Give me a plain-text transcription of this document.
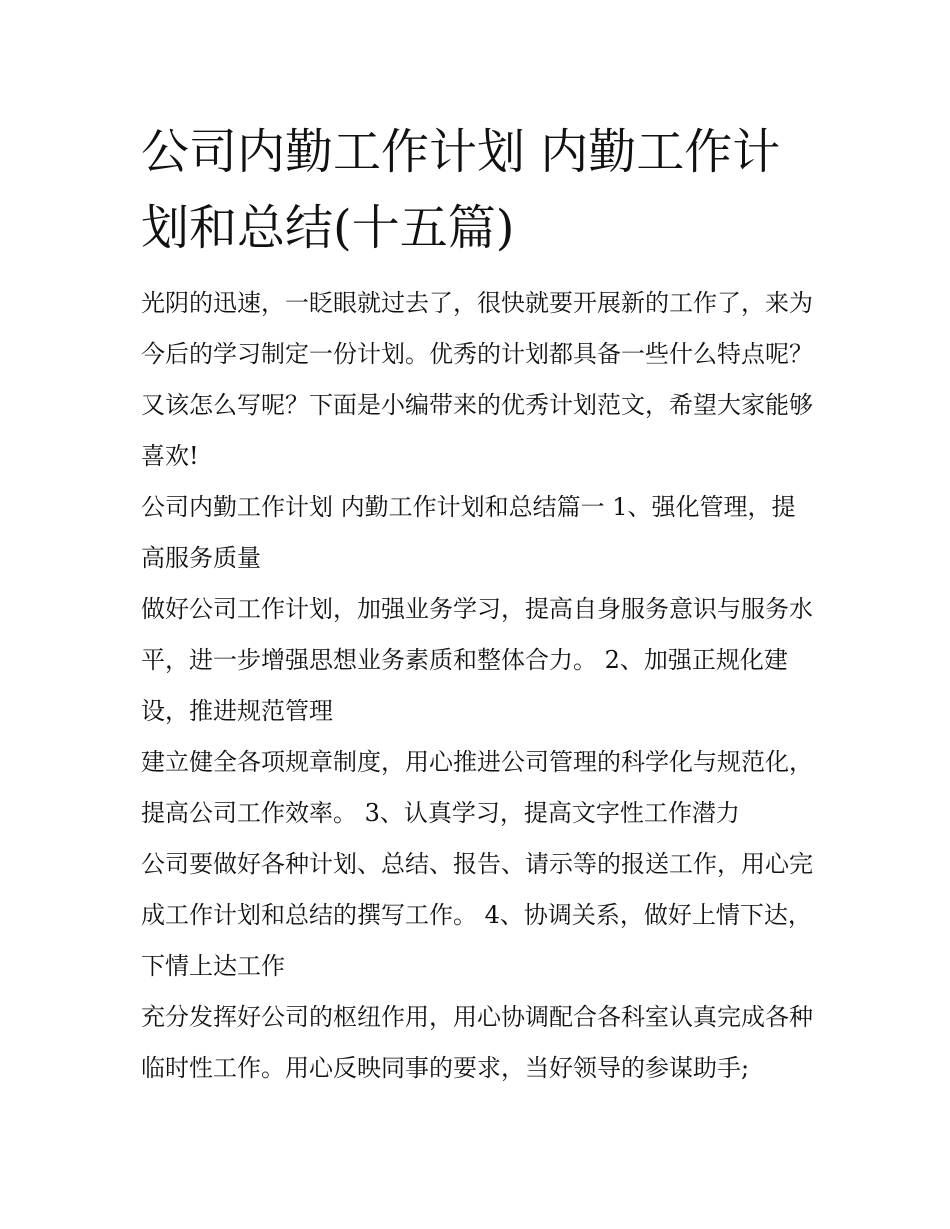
公司内勤工作计划 内勤工作计划和总结(十五篇)

光阴的迅速，一眨眼就过去了，很快就要开展新的工作了，来为今后的学习制定一份计划。优秀的计划都具备一些什么特点呢？又该怎么写呢？下面是小编带来的优秀计划范文，希望大家能够喜欢!

公司内勤工作计划 内勤工作计划和总结篇一 1、强化管理，提高服务质量

做好公司工作计划，加强业务学习，提高自身服务意识与服务水平，进一步增强思想业务素质和整体合力。 2、加强正规化建设，推进规范管理

建立健全各项规章制度，用心推进公司管理的科学化与规范化，提高公司工作效率。 3、认真学习，提高文字性工作潜力

公司要做好各种计划、总结、报告、请示等的报送工作，用心完成工作计划和总结的撰写工作。 4、协调关系，做好上情下达，下情上达工作

充分发挥好公司的枢纽作用，用心协调配合各科室认真完成各种临时性工作。用心反映同事的要求，当好领导的参谋助手;
